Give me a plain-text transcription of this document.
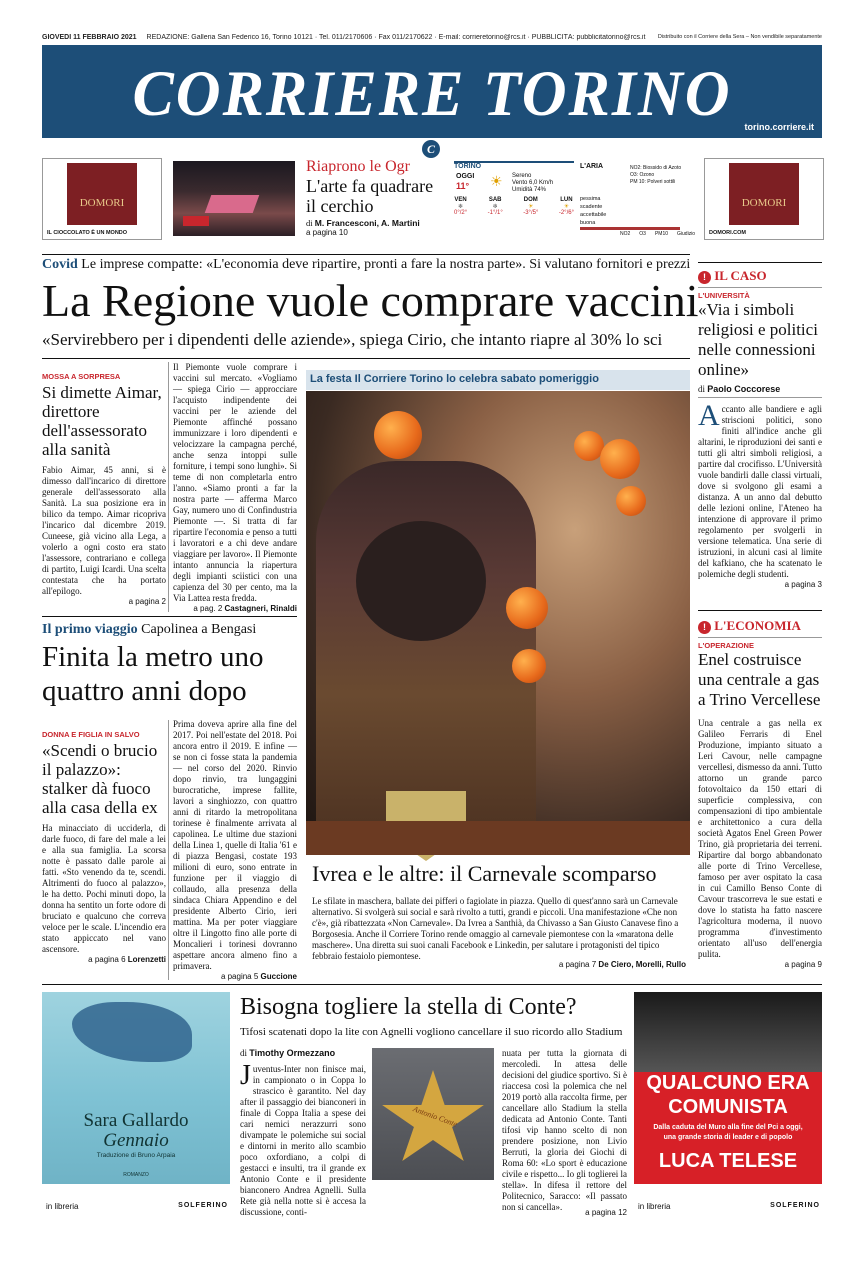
GIOVEDÌ 11 FEBBRAIO 2021 REDAZIONE: Galleria San Federico 16, Torino 10121 · Tel. 011/2170606 · Fax 011/2170622 · E-mail: corrieretorino@rcs.it · PUBBLICITÀ: pubblicitatorino@rcs.it Distribuito con il Corriere della Sera – Non vendibile separatamente
CORRIERE TORINO	torino.corriere.it
C
DOMORI
IL CIOCCOLATO È UN MONDO
DOMORI
DOMORI.COM
Riaprono le Ogr
L'arte fa quadrare il cerchio
di M. Francesconi, A. Martini
a pagina 10
TORINO
OGGI
11° ☀ Sereno
Vento 6,0 Km/h
Umidità 74%
VEN
❄
0°/2°
SAB
❄
-1°/1°
DOM
☀
-3°/5°
LUN
☀
-2°/6°
L'ARIA	NO2: Biossido di Azoto
O3: Ozono
PM 10: Polveri sottili
pessima
scadente
accettabile
buona
NO2 O3 PM10 Giudizio
Covid Le imprese compatte: «L'economia deve ripartire, pronti a fare la nostra parte». Si valutano fornitori e prezzi
La Regione vuole comprare vaccini
«Servirebbero per i dipendenti delle aziende», spiega Cirio, che intanto riapre al 30% lo sci
MOSSA A SORPRESA
Si dimette Aimar, direttore dell'assessorato alla sanità
Fabio Aimar, 45 anni, si è dimesso dall'incarico di direttore generale dell'assessorato alla Sanità. La sua posizione era in bilico da tempo. Aimar ricopriva l'incarico dal dicembre 2019. Cuneese, già vicino alla Lega, a volerlo a ogni costo era stato l'assessore, contrariano e collega di partito, Luigi Icardi. Una scelta contestata che ha portato all'epilogo.
a pagina 2
Il Piemonte vuole comprare i vaccini sul mercato. «Vogliamo — spiega Cirio — approcciare l'acquisto indipendente dei vaccini per le aziende del Piemonte affinché possano immunizzare i loro dipendenti e velocizzare la campagna perché, anche senza intoppi sulle forniture, i tempi sono lunghi». Si teme di non completarla entro l'anno. «Siamo pronti a far la nostra parte — afferma Marco Gay, numero uno di Confindustria Piemonte —. Si tratta di far ripartire l'economia e penso a tutti i lavoratori e a chi deve andare viaggiare per lavoro». Il Piemonte intanto annuncia la riapertura degli impianti sciistici con una capienza del 30 per cento, ma la Via Lattea resta fredda.
a pag. 2 Castagneri, Rinaldi
La festa Il Corriere Torino lo celebra sabato pomeriggio
Ivrea e le altre: il Carnevale scomparso
Le sfilate in maschera, ballate dei pifferi o fagiolate in piazza. Quello di quest'anno sarà un Carnevale alternativo. Si svolgerà sui social e sarà rivolto a tutti, grandi e piccoli. Una manifestazione «Che non c'è», già ribattezzata «Non Carnevale». Da Ivrea a Santhià, da Chivasso a San Giusto Canavese fino a Borgosesia. Anche il Corriere Torino rende omaggio al carnevale piemontese con la «maratona delle maschere». Una diretta sui suoi canali Facebook e Linkedin, per salutare i protagonisti del tipico febbraio festaiolo piemontese.
a pagina 7 De Ciero, Morelli, Rullo
! IL CASO
L'UNIVERSITÀ
«Via i simboli religiosi e politici nelle connessioni online»
di Paolo Coccorese
Accanto alle bandiere e agli striscioni politici, sono finiti all'indice anche gli altarini, le riproduzioni dei santi e tutti gli altri simboli religiosi, a partire dal crocifisso. L'Università vuole bandirli dalle classi virtuali, dove si svolgono gli esami a distanza. A un anno dal debutto delle lezioni online, l'Ateneo ha intenzione di approvare il primo regolamento per svolgerli in versione telematica. Una serie di istruzioni, in alcuni casi al limite del kafkiano, che ha scatenato le polemiche degli studenti.
a pagina 3
Il primo viaggio Capolinea a Bengasi
Finita la metro uno quattro anni dopo
DONNA E FIGLIA IN SALVO
«Scendi o brucio il palazzo»: stalker dà fuoco alla casa della ex
Ha minacciato di ucciderla, di darle fuoco, di fare del male a lei e alla sua famiglia. La scorsa notte è passato dalle parole ai fatti. «Sto venendo da te, scendi. Altrimenti do fuoco al palazzo», le ha detto. Pochi minuti dopo, la donna ha sentito un forte odore di bruciato e qualcuno che correva veloce per le scale. L'incendio era stato appiccato nel vano ascensore.
a pagina 6 Lorenzetti
Prima doveva aprire alla fine del 2017. Poi nell'estate del 2018. Poi ancora entro il 2019. E infine — se non ci fosse stata la pandemia — nel corso del 2020. Rinvio dopo rinvio, tra lungaggini burocratiche, imprese fallite, lavori a singhiozzo, con quattro anni di ritardo la metropolitana torinese è finalmente arrivata al capolinea. Le ultime due stazioni della Linea 1, quelle di Italia '61 e di piazza Bengasi, costate 193 milioni di euro, sono entrate in funzione per il viaggio di collaudo, alla presenza della sindaca Chiara Appendino e del presidente Alberto Cirio, ieri mattina. Ma per poter viaggiare oltre il Lingotto fino alle porte di Moncalieri i torinesi dovranno aspettare ancora almeno fino a primavera.
a pagina 5 Guccione
! L'ECONOMIA
L'OPERAZIONE
Enel costruisce una centrale a gas a Trino Vercellese
Una centrale a gas nella ex Galileo Ferraris di Enel Produzione, impianto situato a Leri Cavour, nelle campagne vercellesi, dismesso da anni. Tutto attorno un grande parco fotovoltaico da 150 ettari di superficie complessiva, con compensazioni di tipo ambientale e architettonico a cura della società Agatos Enel Green Power Trino, già proprietaria dei terreni. Ripartire dal borgo abbandonato alle porte di Trino Vercellese, famoso per aver ospitato la casa in cui Camillo Benso Conte di Cavour trascorreva le sue estati e dove lo statista ha fatto nascere l'agricoltura moderna, il nuovo programma d'investimento orientato all'uso dell'energia pulita.
a pagina 9
Sara Gallardo
Gennaio
Traduzione di Bruno Arpaia
ROMANZO
in libreria	SOLFERINO
Bisogna togliere la stella di Conte?
Tifosi scatenati dopo la lite con Agnelli vogliono cancellare il suo ricordo allo Stadium
di Timothy Ormezzano
Juventus-Inter non finisce mai, in campionato o in Coppa lo strascico è garantito. Nel day after il passaggio dei bianconeri in finale di Coppa Italia a spese dei cari nemici nerazzurri sono divampate le polemiche sui social e dintorni in merito allo scambio poco oxfordiano, a colpi di gestacci e insulti, tra il grande ex Antonio Conte e il presidente bianconero Andrea Agnelli. Sulla Rete già nella notte si è accesa la discussione, conti-
Antonio Conte
nuata per tutta la giornata di mercoledì. In attesa delle decisioni del giudice sportivo. Si è riaccesa così la polemica che nel 2019 portò alla raccolta firme, per cancellare allo Stadium la stella dedicata ad Antonio Conte. Tanti tifosi vip hanno scelto di non prendere posizione, non Livio Berruti, la gloria dei Giochi di Roma 60: «Lo sport è educazione civile e rispetto... Io gli toglierei la stella». In difesa il rettore del Politecnico, Saracco: «Il passato non si cancella».
a pagina 12
QUALCUNO ERA
COMUNISTA
Dalla caduta del Muro alla fine del Pci a oggi,
una grande storia di leader e di popolo
LUCA TELESE
in libreria	SOLFERINO
